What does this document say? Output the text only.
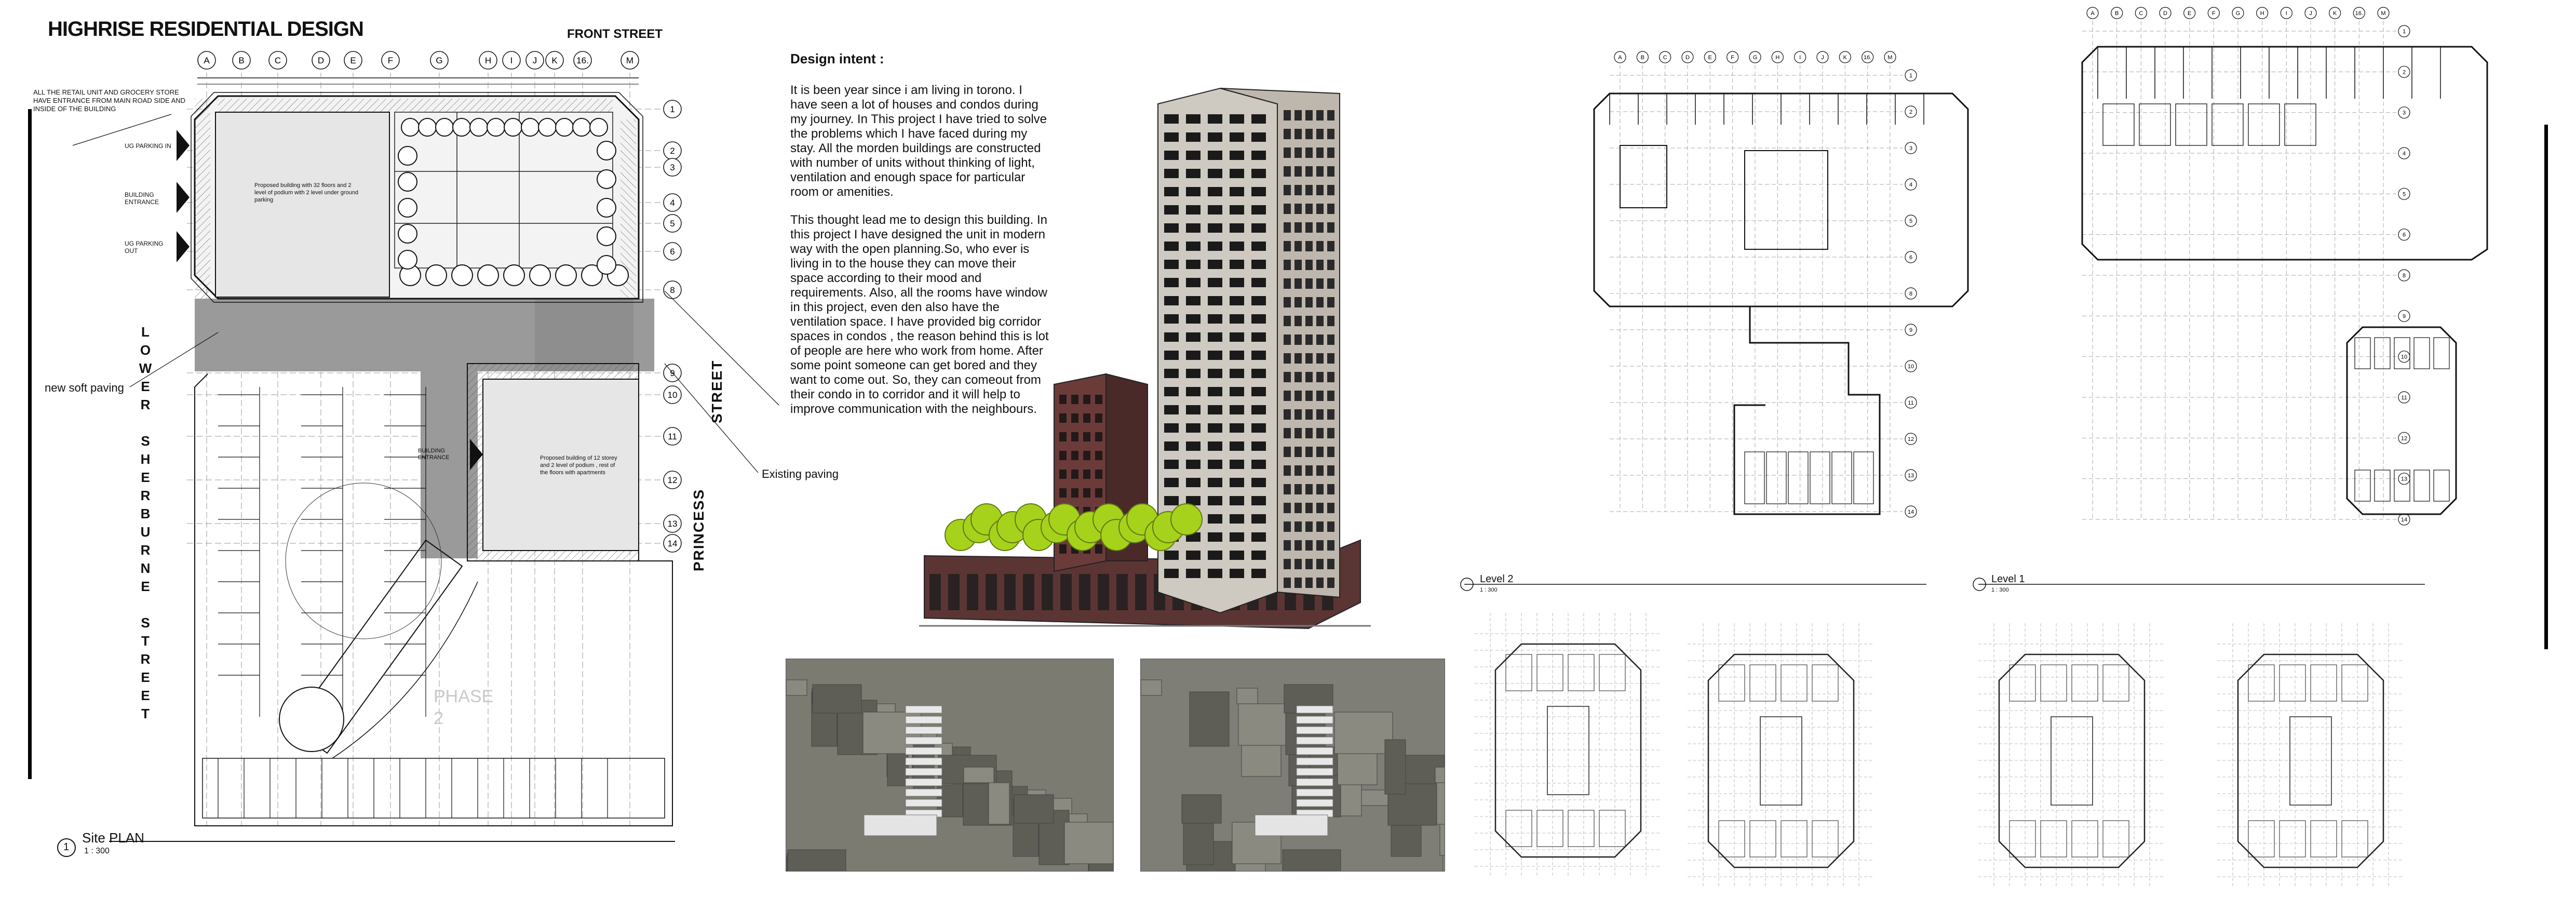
HIGHRISE RESIDENTIAL DESIGN	FRONT STREET
ALL THE RETAIL UNIT AND GROCERY STORE HAVE ENTRANCE FROM MAIN ROAD SIDE AND INSIDE OF THE BUILDING
A	B	C	D	E	F	G	H I J K 16.	M
1
2
3
4
5
6
8
9
10
11
12
13
14
UG PARKING IN
BUILDING ENTRANCE
UG PARKING OUT
Proposed building with 32 floors and 2 level of podium with 2 level under ground parking
Proposed building of 12 storey and 2 level of podium , rest of the floors with apartments
BUILDING ENTRANCE
new soft paving
Existing paving
PHASE
2
L
O
W
E
R

S
H
E
R
B
U
R
N
E

S
T
R
E
E
T
PRINCESS
STREET
1
Site PLAN
1 : 300
Design intent :

It is been year since i am living in torono. I have seen a lot of houses and condos during my journey. In This project I have tried to solve the problems which I have faced during my stay. All the morden buildings are constructed with number of units without thinking of light, ventilation and enough space for particular room or amenities.

This thought lead me to design this building. In this project I have designed the unit in modern way with the open planning.So, who ever is living in to the house they can move their space according to their mood and requirements. Also, all the rooms have window in this project, even den also have the ventilation space. I have provided big corridor spaces in condos , the reason behind this is lot of people are here who work from home. After some point someone can get bored and they want to come out. So, they can comeout from their condo in to corridor and it will help to improve communication with the neighbours.

A	B	C	D	E	F	G	H	I	J	K	16.	M
1
2
3
4
5
6
8
9
10
11
12
13
14
A	B	C	D	E	F	G	H	I	J	K	16.	M
1
2
3
4
5
6
8
9
10
11
12
13
14
Level 2
1 : 300
Level 1
1 : 300
